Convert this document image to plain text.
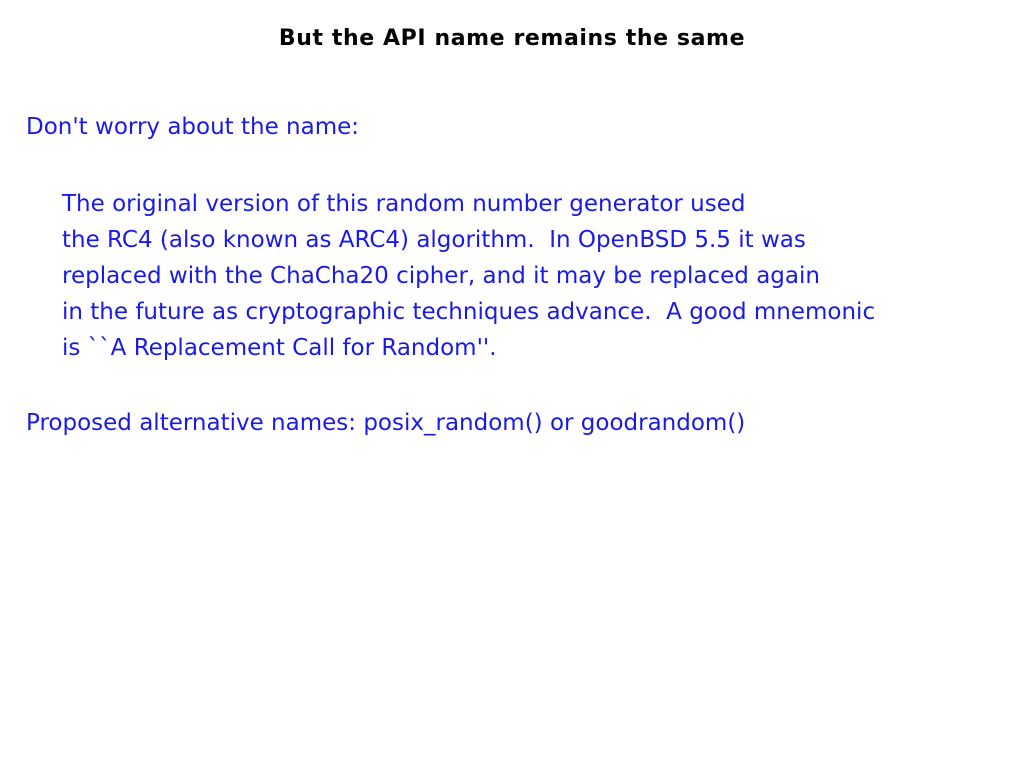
But the API name remains the same
Don't worry about the name:
The original version of this random number generator used
the RC4 (also known as ARC4) algorithm.  In OpenBSD 5.5 it was
replaced with the ChaCha20 cipher, and it may be replaced again
in the future as cryptographic techniques advance.  A good mnemonic
is ``A Replacement Call for Random''.
Proposed alternative names: posix_random() or goodrandom()
